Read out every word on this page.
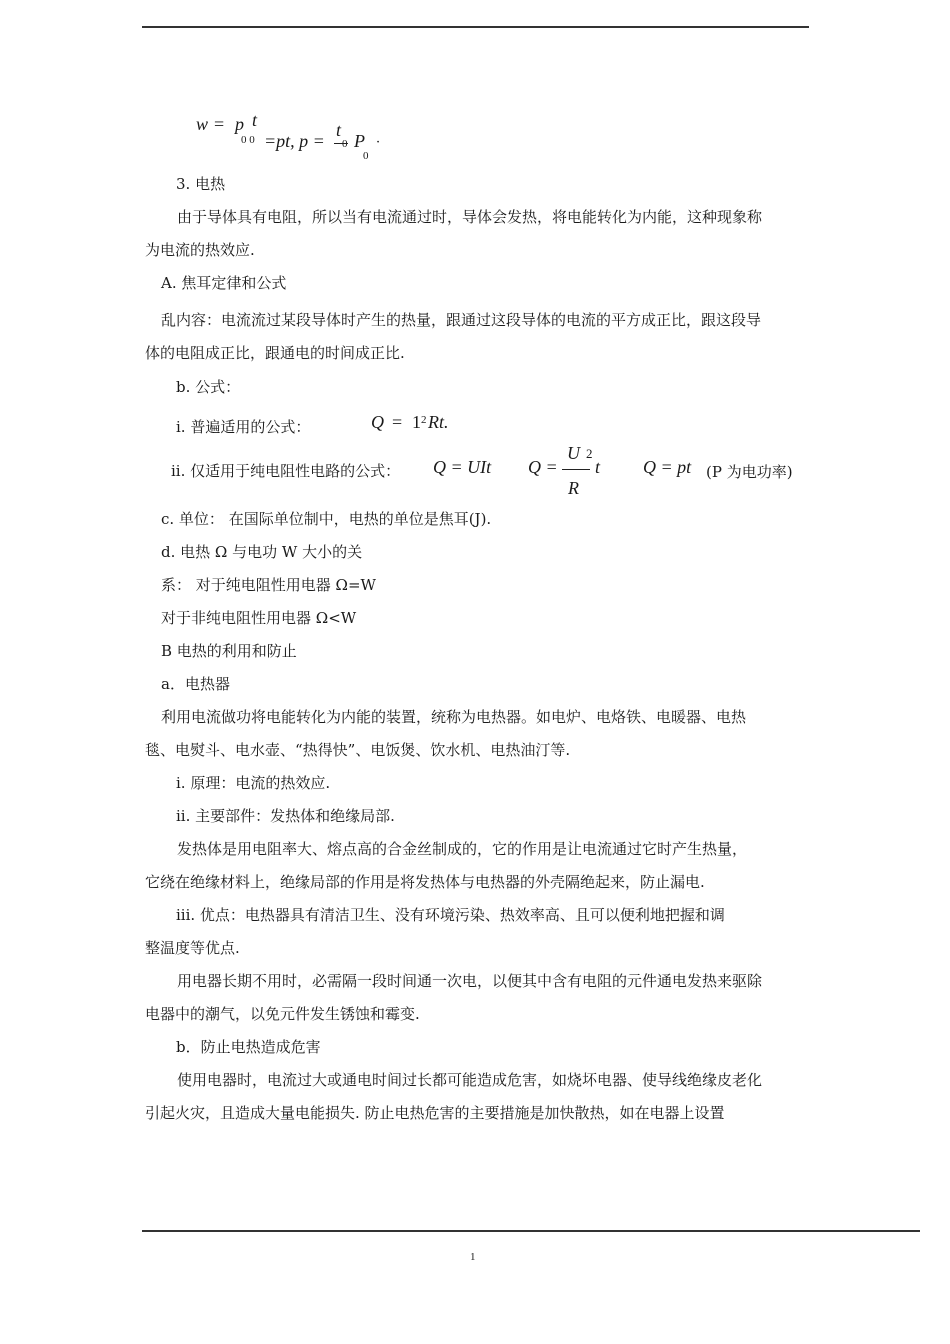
w = p t
0 0 =pt, p =
t
0 P
0
·
3. 电热
由于导体具有电阻，所以当有电流通过时，导体会发热，将电能转化为内能，这种现象称
为电流的热效应.
A. 焦耳定律和公式
乱内容：电流流过某段导体时产生的热量，跟通过这段导体的电流的平方成正比，跟这段导
体的电阻成正比，跟通电的时间成正比.
b. 公式：
i. 普遍适用的公式：	Q = 1 2 Rt.
ii. 仅适用于纯电阻性电路的公式： Q = UIt Q =
U 2
R
t Q = pt (P 为电功率)
c. 单位： 在国际单位制中，电热的单位是焦耳(J).
d. 电热 Ω 与电功 W 大小的关
系： 对于纯电阻性用电器 Ω=W
对于非纯电阻性用电器 Ω<W
B 电热的利用和防止
a．电热器
利用电流做功将电能转化为内能的装置，统称为电热器。如电炉、电烙铁、电暖器、电热
毯、电熨斗、电水壶、“热得快”、电饭煲、饮水机、电热油汀等.
i. 原理：电流的热效应.
ii. 主要部件：发热体和绝缘局部.
发热体是用电阻率大、熔点高的合金丝制成的，它的作用是让电流通过它时产生热量，
它绕在绝缘材料上，绝缘局部的作用是将发热体与电热器的外壳隔绝起来，防止漏电.
iii. 优点：电热器具有清洁卫生、没有环境污染、热效率高、且可以便利地把握和调
整温度等优点.
用电器长期不用时，必需隔一段时间通一次电，以便其中含有电阻的元件通电发热来驱除
电器中的潮气，以免元件发生锈蚀和霉变.
b．防止电热造成危害
使用电器时，电流过大或通电时间过长都可能造成危害，如烧坏电器、使导线绝缘皮老化
引起火灾，且造成大量电能损失. 防止电热危害的主要措施是加快散热，如在电器上设置
1
